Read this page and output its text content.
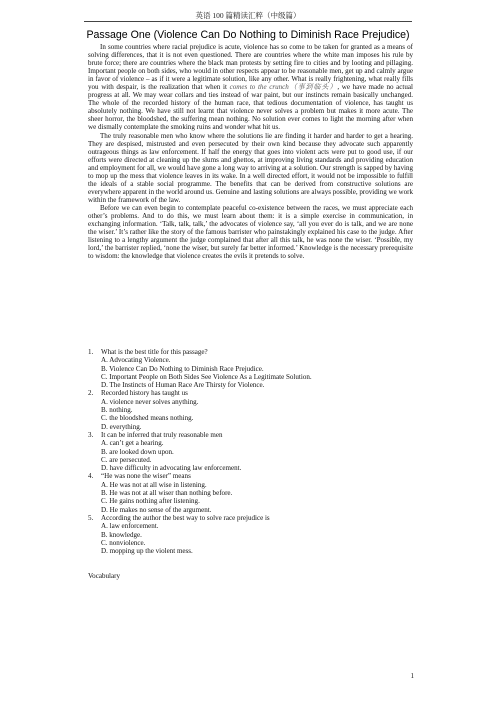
英语 100 篇精读汇粹（中级篇）
Passage One (Violence Can Do Nothing to Diminish Race Prejudice)

In some countries where racial prejudice is acute, violence has so come to be taken for granted as a means of solving differences, that it is not even questioned. There are countries where the white man imposes his rule by brute force; there are countries where the black man protests by setting fire to cities and by looting and pillaging. Important people on both sides, who would in other respects appear to be reasonable men, get up and calmly argue in favor of violence – as if it were a legitimate solution, like any other. What is really frightening, what really fills you with despair, is the realization that when it comes to the crunch（事到临头）, we have made no actual progress at all. We may wear collars and ties instead of war paint, but our instincts remain basically unchanged. The whole of the recorded history of the human race, that tedious documentation of violence, has taught us absolutely nothing. We have still not learnt that violence never solves a problem but makes it more acute. The sheer horror, the bloodshed, the suffering mean nothing. No solution ever comes to light the morning after when we dismally contemplate the smoking ruins and wonder what hit us.

The truly reasonable men who know where the solutions lie are finding it harder and harder to get a hearing. They are despised, mistrusted and even persecuted by their own kind because they advocate such apparently outrageous things as law enforcement. If half the energy that goes into violent acts were put to good use, if our efforts were directed at cleaning up the slums and ghettos, at improving living standards and providing education and employment for all, we would have gone a long way to arriving at a solution. Our strength is sapped by having to mop up the mess that violence leaves in its wake. In a well directed effort, it would not be impossible to fulfill the ideals of a stable social programme. The benefits that can be derived from constructive solutions are everywhere apparent in the world around us. Genuine and lasting solutions are always possible, providing we work within the framework of the law.

Before we can even begin to contemplate peaceful co-existence between the races, we must appreciate each other’s problems. And to do this, we must learn about them: it is a simple exercise in communication, in exchanging information. ‘Talk, talk, talk,’ the advocates of violence say, ‘all you ever do is talk, and we are none the wiser.’ It’s rather like the story of the famous barrister who painstakingly explained his case to the judge. After listening to a lengthy argument the judge complained that after all this talk, he was none the wiser. ‘Possible, my lord,’ the barrister replied, ‘none the wiser, but surely far better informed.’ Knowledge is the necessary prerequisite to wisdom: the knowledge that violence creates the evils it pretends to solve.

1.	What is the best title for this passage?
A. Advocating Violence.
B. Violence Can Do Nothing to Diminish Race Prejudice.
C. Important People on Both Sides See Violence As a Legitimate Solution.
D. The Instincts of Human Race Are Thirsty for Violence.
2.	Recorded history has taught us
A. violence never solves anything.
B. nothing.
C. the bloodshed means nothing.
D. everything.
3.	It can be inferred that truly reasonable men
A. can’t get a hearing.
B. are looked down upon.
C. are persecuted.
D. have difficulty in advocating law enforcement.
4.	“He was none the wiser” means
A. He was not at all wise in listening.
B. He was not at all wiser than nothing before.
C. He gains nothing after listening.
D. He makes no sense of the argument.
5.	According the author the best way to solve race prejudice is
A. law enforcement.
B. knowledge.
C. nonviolence.
D. mopping up the violent mess.
Vocabulary
1
